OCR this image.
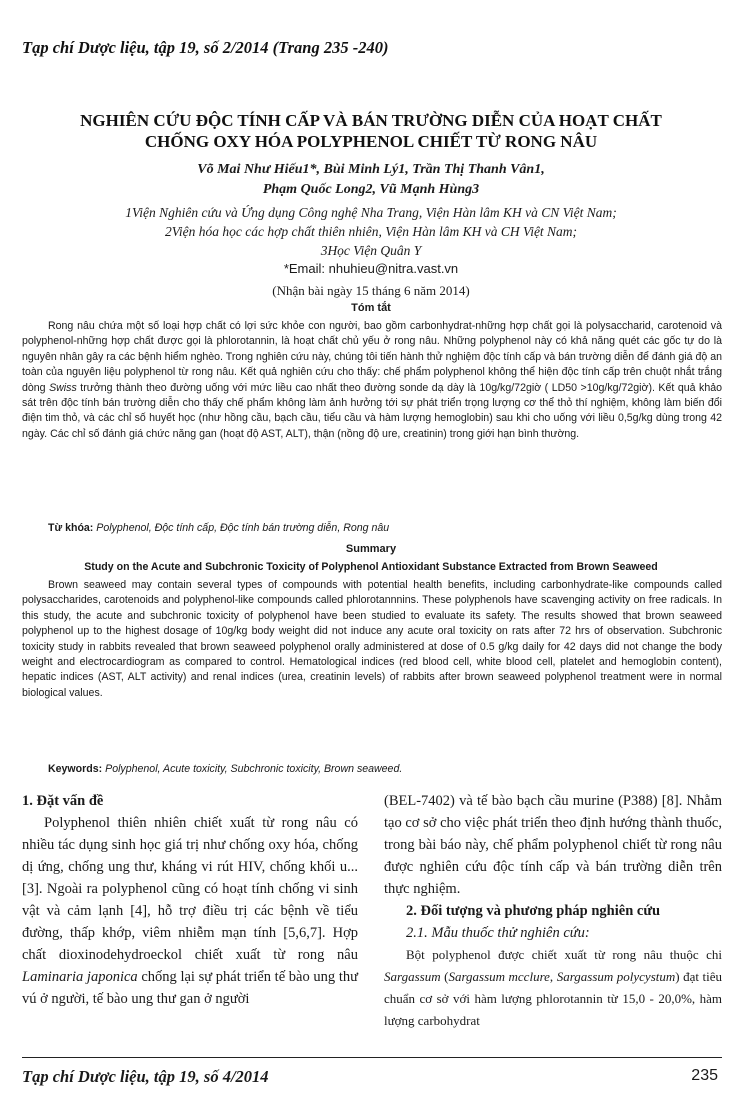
Tạp chí Dược liệu, tập 19, số 2/2014 (Trang 235 -240)
NGHIÊN CỨU ĐỘC TÍNH CẤP VÀ BÁN TRƯỜNG DIỄN CỦA HOẠT CHẤT
CHỐNG OXY HÓA POLYPHENOL CHIẾT TỪ RONG NÂU
Võ Mai Như Hiếu1*, Bùi Minh Lý1, Trần Thị Thanh Vân1,
Phạm Quốc Long2, Vũ Mạnh Hùng3
1Viện Nghiên cứu và Ứng dụng Công nghệ Nha Trang, Viện Hàn lâm KH và CN Việt Nam;
2Viện hóa học các hợp chất thiên nhiên, Viện Hàn lâm KH và CH Việt Nam;
3Học Viện Quân Y
*Email: nhuhieu@nitra.vast.vn
(Nhận bài ngày 15 tháng 6 năm 2014)
Tóm tắt

Rong nâu chứa một số loại hợp chất có lợi sức khỏe con người, bao gồm carbonhydrat-những hợp chất gọi là polysaccharid, carotenoid và polyphenol-những hợp chất được gọi là phlorotannin, là hoạt chất chủ yếu ở rong nâu. Những polyphenol này có khả năng quét các gốc tự do là nguyên nhân gây ra các bệnh hiểm nghèo. Trong nghiên cứu này, chúng tôi tiến hành thử nghiệm độc tính cấp và bán trường diễn để đánh giá độ an toàn của nguyên liệu polyphenol từ rong nâu. Kết quả nghiên cứu cho thấy: chế phẩm polyphenol không thể hiện độc tính cấp trên chuột nhắt trắng dòng Swiss trưởng thành theo đường uống với mức liều cao nhất theo đường sonde dạ dày là 10g/kg/72giờ ( LD50 >10g/kg/72giờ). Kết quả khảo sát trên độc tính bán trường diễn cho thấy chế phẩm không làm ảnh hưởng tới sự phát triển trọng lượng cơ thể thỏ thí nghiệm, không làm biến đổi điện tim thỏ, và các chỉ số huyết học (như hồng cầu, bạch cầu, tiểu cầu và hàm lượng hemoglobin) sau khi cho uống với liều 0,5g/kg dùng trong 42 ngày. Các chỉ số đánh giá chức năng gan (hoạt độ AST, ALT), thận (nồng độ ure, creatinin) trong giới hạn bình thường.

Từ khóa: Polyphenol, Độc tính cấp, Độc tính bán trường diễn, Rong nâu
Summary
Study on the Acute and Subchronic Toxicity of Polyphenol Antioxidant Substance Extracted from Brown Seaweed

Brown seaweed may contain several types of compounds with potential health benefits, including carbonhydrate-like compounds called polysaccharides, carotenoids and polyphenol-like compounds called phlorotannnins. These polyphenols have scavenging activity on free radicals. In this study, the acute and subchronic toxicity of polyphenol have been studied to evaluate its safety. The results showed that brown seaweed polyphenol up to the highest dosage of 10g/kg body weight did not induce any acute oral toxicity on rats after 72 hrs of observation. Subchronic toxicity study in rabbits revealed that brown seaweed polyphenol orally administered at dose of 0.5 g/kg daily for 42 days did not change the body weight and electrocardiogram as compared to control. Hematological indices (red blood cell, white blood cell, platelet and hemoglobin content), hepatic indices (AST, ALT activity) and renal indices (urea, creatinin levels) of rabbits after brown seaweed polyphenol treatment were in normal biological values.

Keywords: Polyphenol, Acute toxicity, Subchronic toxicity, Brown seaweed.
1. Đặt vấn đề

Polyphenol thiên nhiên chiết xuất từ rong nâu có nhiều tác dụng sinh học giá trị như chống oxy hóa, chống dị ứng, chống ung thư, kháng vi rút HIV, chống khối u...[3]. Ngoài ra polyphenol cũng có hoạt tính chống vi sinh vật và cảm lạnh [4], hỗ trợ điều trị các bệnh về tiểu đường, thấp khớp, viêm nhiễm mạn tính [5,6,7]. Hợp chất dioxinodehydroeckol chiết xuất từ rong nâu Laminaria japonica chống lại sự phát triển tế bào ung thư vú ở người, tế bào ung thư gan ở người

(BEL-7402) và tế bào bạch cầu murine (P388) [8]. Nhằm tạo cơ sở cho việc phát triển theo định hướng thành thuốc, trong bài báo này, chế phẩm polyphenol chiết từ rong nâu được nghiên cứu độc tính cấp và bán trường diễn trên thực nghiệm.

2. Đối tượng và phương pháp nghiên cứu
2.1. Mẫu thuốc thử nghiên cứu:

Bột polyphenol được chiết xuất từ rong nâu thuộc chi Sargassum (Sargassum mcclure, Sargassum polycystum) đạt tiêu chuẩn cơ sở với hàm lượng phlorotannin từ 15,0 - 20,0%, hàm lượng carbohydrat

Tạp chí Dược liệu, tập 19, số 4/2014	235
